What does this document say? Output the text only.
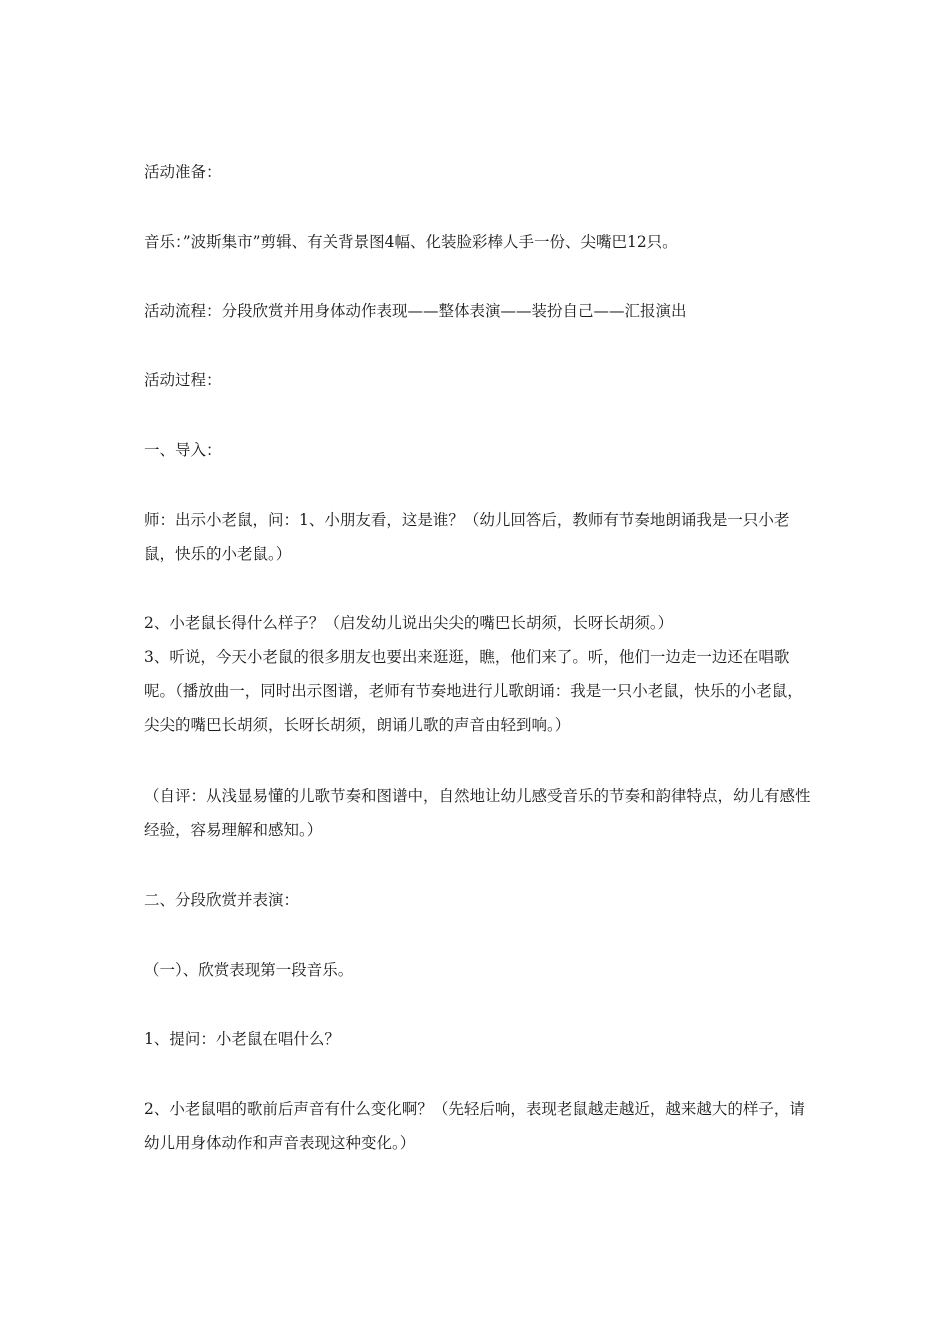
活动准备：

音乐：”波斯集市”剪辑、有关背景图4幅、化装脸彩棒人手一份、尖嘴巴12只。

活动流程：分段欣赏并用身体动作表现——整体表演——装扮自己——汇报演出

活动过程：

一、导入：

师：出示小老鼠，问：1、小朋友看，这是谁？（幼儿回答后，教师有节奏地朗诵我是一只小老鼠，快乐的小老鼠。）

2、小老鼠长得什么样子？（启发幼儿说出尖尖的嘴巴长胡须，长呀长胡须。）

3、听说，今天小老鼠的很多朋友也要出来逛逛，瞧，他们来了。听，他们一边走一边还在唱歌呢。（播放曲一，同时出示图谱，老师有节奏地进行儿歌朗诵：我是一只小老鼠，快乐的小老鼠，尖尖的嘴巴长胡须，长呀长胡须，朗诵儿歌的声音由轻到响。）

（自评：从浅显易懂的儿歌节奏和图谱中，自然地让幼儿感受音乐的节奏和韵律特点，幼儿有感性经验，容易理解和感知。）

二、分段欣赏并表演：

（一）、欣赏表现第一段音乐。

1、提问：小老鼠在唱什么？

2、小老鼠唱的歌前后声音有什么变化啊？（先轻后响，表现老鼠越走越近，越来越大的样子，请幼儿用身体动作和声音表现这种变化。）
